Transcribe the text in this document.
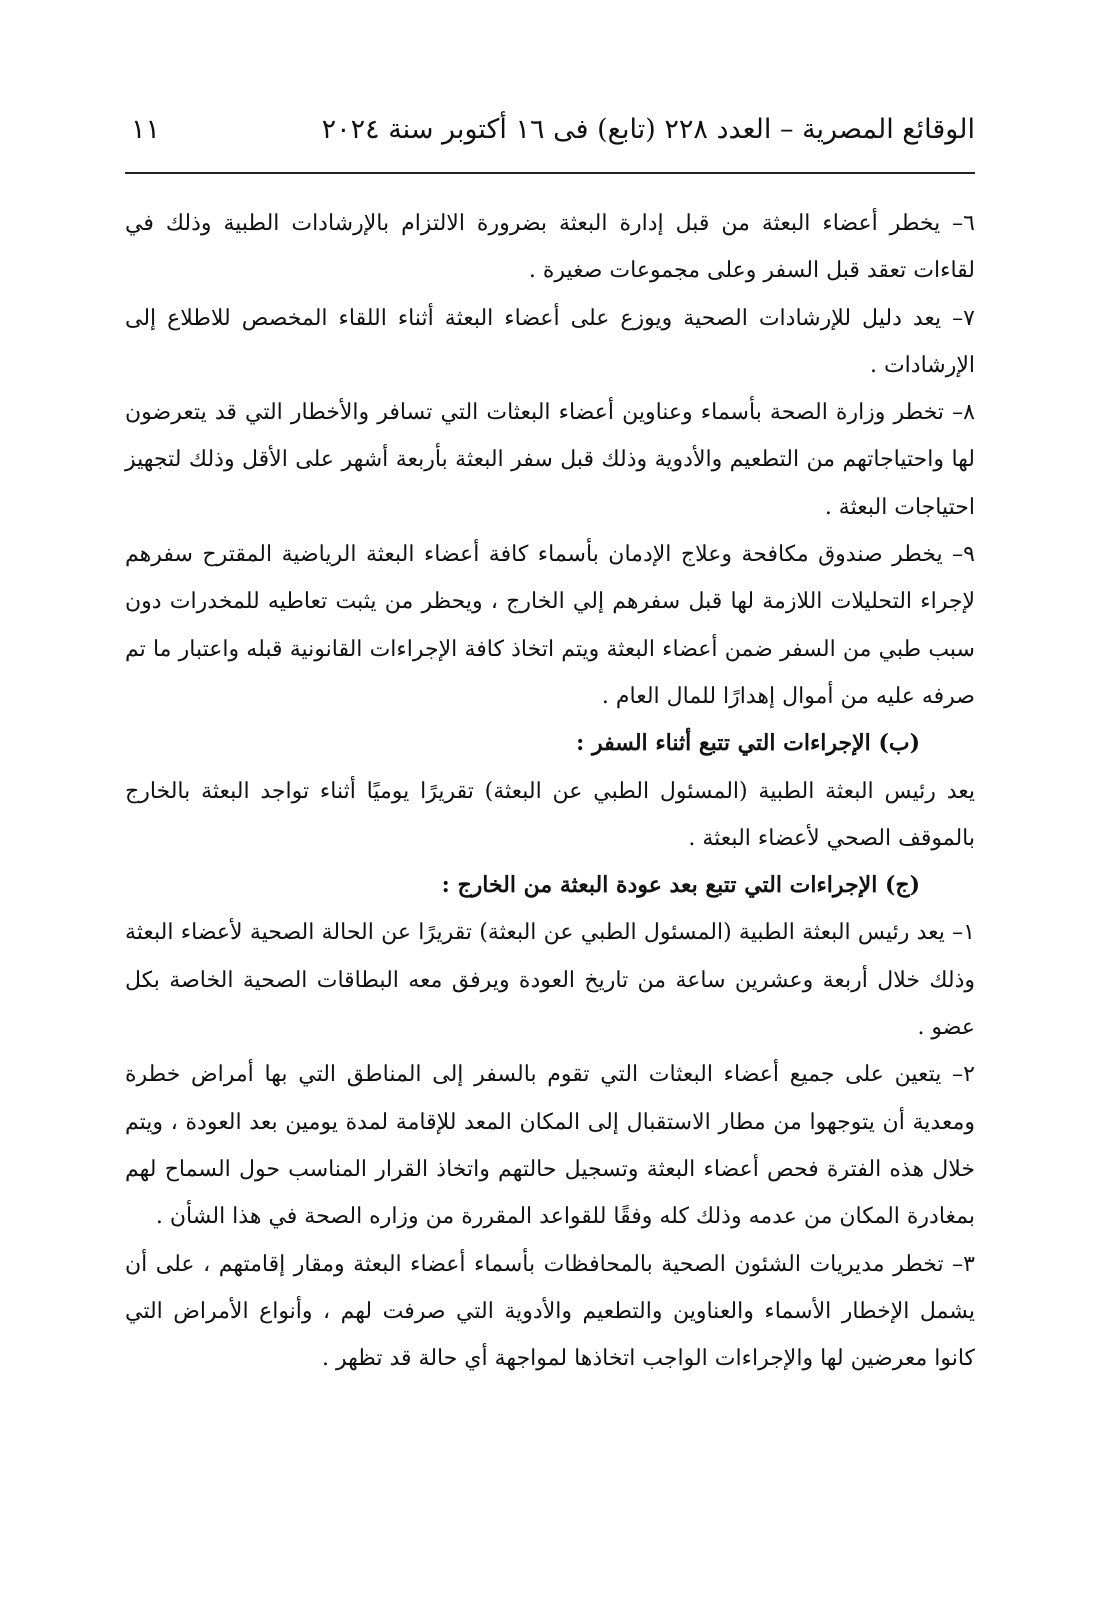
الوقائع المصرية – العدد ٢٢٨ (تابع) فى ١٦ أكتوبر سنة ٢٠٢٤
١١

٦– يخطر أعضاء البعثة من قبل إدارة البعثة بضرورة الالتزام بالإرشادات الطبية وذلك في لقاءات تعقد قبل السفر وعلى مجموعات صغيرة .

٧– يعد دليل للإرشادات الصحية ويوزع على أعضاء البعثة أثناء اللقاء المخصص للاطلاع إلى الإرشادات .

٨– تخطر وزارة الصحة بأسماء وعناوين أعضاء البعثات التي تسافر والأخطار التي قد يتعرضون لها واحتياجاتهم من التطعيم والأدوية وذلك قبل سفر البعثة بأربعة أشهر على الأقل وذلك لتجهيز احتياجات البعثة .

٩– يخطر صندوق مكافحة وعلاج الإدمان بأسماء كافة أعضاء البعثة الرياضية المقترح سفرهم لإجراء التحليلات اللازمة لها قبل سفرهم إلي الخارج ، ويحظر من يثبت تعاطيه للمخدرات دون سبب طبي من السفر ضمن أعضاء البعثة ويتم اتخاذ كافة الإجراءات القانونية قبله واعتبار ما تم صرفه عليه من أموال إهدارًا للمال العام .

(ب) الإجراءات التي تتبع أثناء السفر :

يعد رئيس البعثة الطبية (المسئول الطبي عن البعثة) تقريرًا يوميًا أثناء تواجد البعثة بالخارج بالموقف الصحي لأعضاء البعثة .

(ج) الإجراءات التي تتبع بعد عودة البعثة من الخارج :

١– يعد رئيس البعثة الطبية (المسئول الطبي عن البعثة) تقريرًا عن الحالة الصحية لأعضاء البعثة وذلك خلال أربعة وعشرين ساعة من تاريخ العودة ويرفق معه البطاقات الصحية الخاصة بكل عضو .

٢– يتعين على جميع أعضاء البعثات التي تقوم بالسفر إلى المناطق التي بها أمراض خطرة ومعدية أن يتوجهوا من مطار الاستقبال إلى المكان المعد للإقامة لمدة يومين بعد العودة ، ويتم خلال هذه الفترة فحص أعضاء البعثة وتسجيل حالتهم واتخاذ القرار المناسب حول السماح لهم بمغادرة المكان من عدمه وذلك كله وفقًا للقواعد المقررة من وزاره الصحة في هذا الشأن .

٣– تخطر مديريات الشئون الصحية بالمحافظات بأسماء أعضاء البعثة ومقار إقامتهم ، على أن يشمل الإخطار الأسماء والعناوين والتطعيم والأدوية التي صرفت لهم ، وأنواع الأمراض التي كانوا معرضين لها والإجراءات الواجب اتخاذها لمواجهة أي حالة قد تظهر .
